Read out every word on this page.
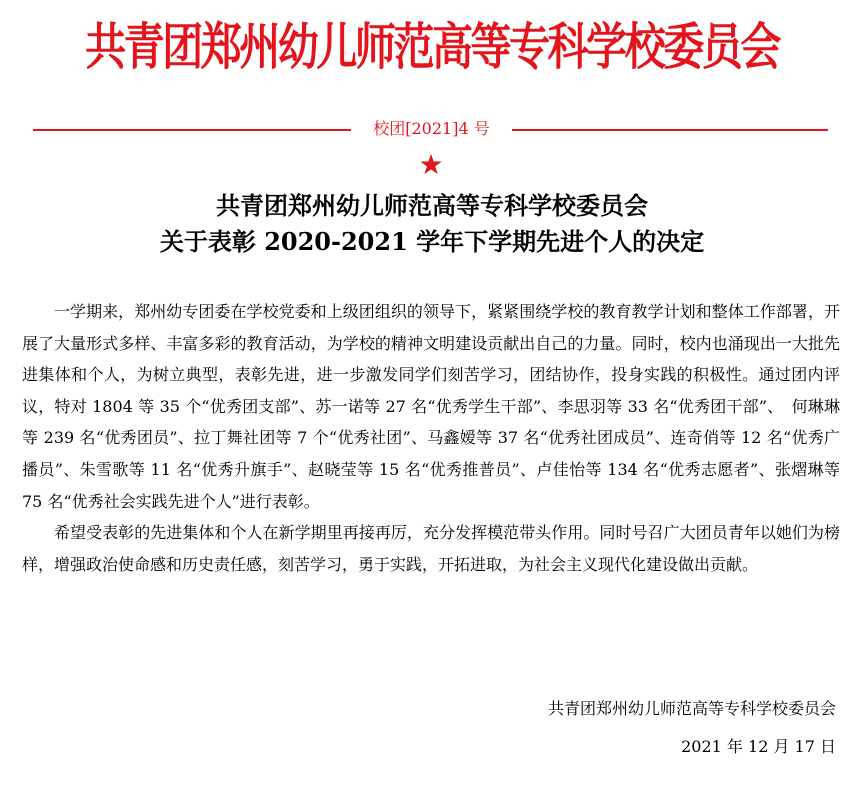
共青团郑州幼儿师范高等专科学校委员会
校团[2021]4 号
★
共青团郑州幼儿师范高等专科学校委员会
关于表彰 2020-2021 学年下学期先进个人的决定

一学期来，郑州幼专团委在学校党委和上级团组织的领导下，紧紧围绕学校的教育教学计划和整体工作部署，开展了大量形式多样、丰富多彩的教育活动，为学校的精神文明建设贡献出自己的力量。同时，校内也涌现出一大批先进集体和个人，为树立典型，表彰先进，进一步激发同学们刻苦学习，团结协作，投身实践的积极性。通过团内评议，特对 1804 等 35 个“优秀团支部”、苏一诺等 27 名“优秀学生干部”、李思羽等 33 名“优秀团干部”、　何琳琳等 239 名“优秀团员”、拉丁舞社团等 7 个“优秀社团”、马鑫嫒等 37 名“优秀社团成员”、连奇俏等 12 名“优秀广播员”、朱雪歌等 11 名“优秀升旗手”、赵晓莹等 15 名“优秀推普员”、卢佳怡等 134 名“优秀志愿者”、张熠琳等 75 名“优秀社会实践先进个人”进行表彰。

希望受表彰的先进集体和个人在新学期里再接再厉，充分发挥模范带头作用。同时号召广大团员青年以她们为榜样，增强政治使命感和历史责任感，刻苦学习，勇于实践，开拓进取，为社会主义现代化建设做出贡献。

共青团郑州幼儿师范高等专科学校委员会
2021 年 12 月 17 日
